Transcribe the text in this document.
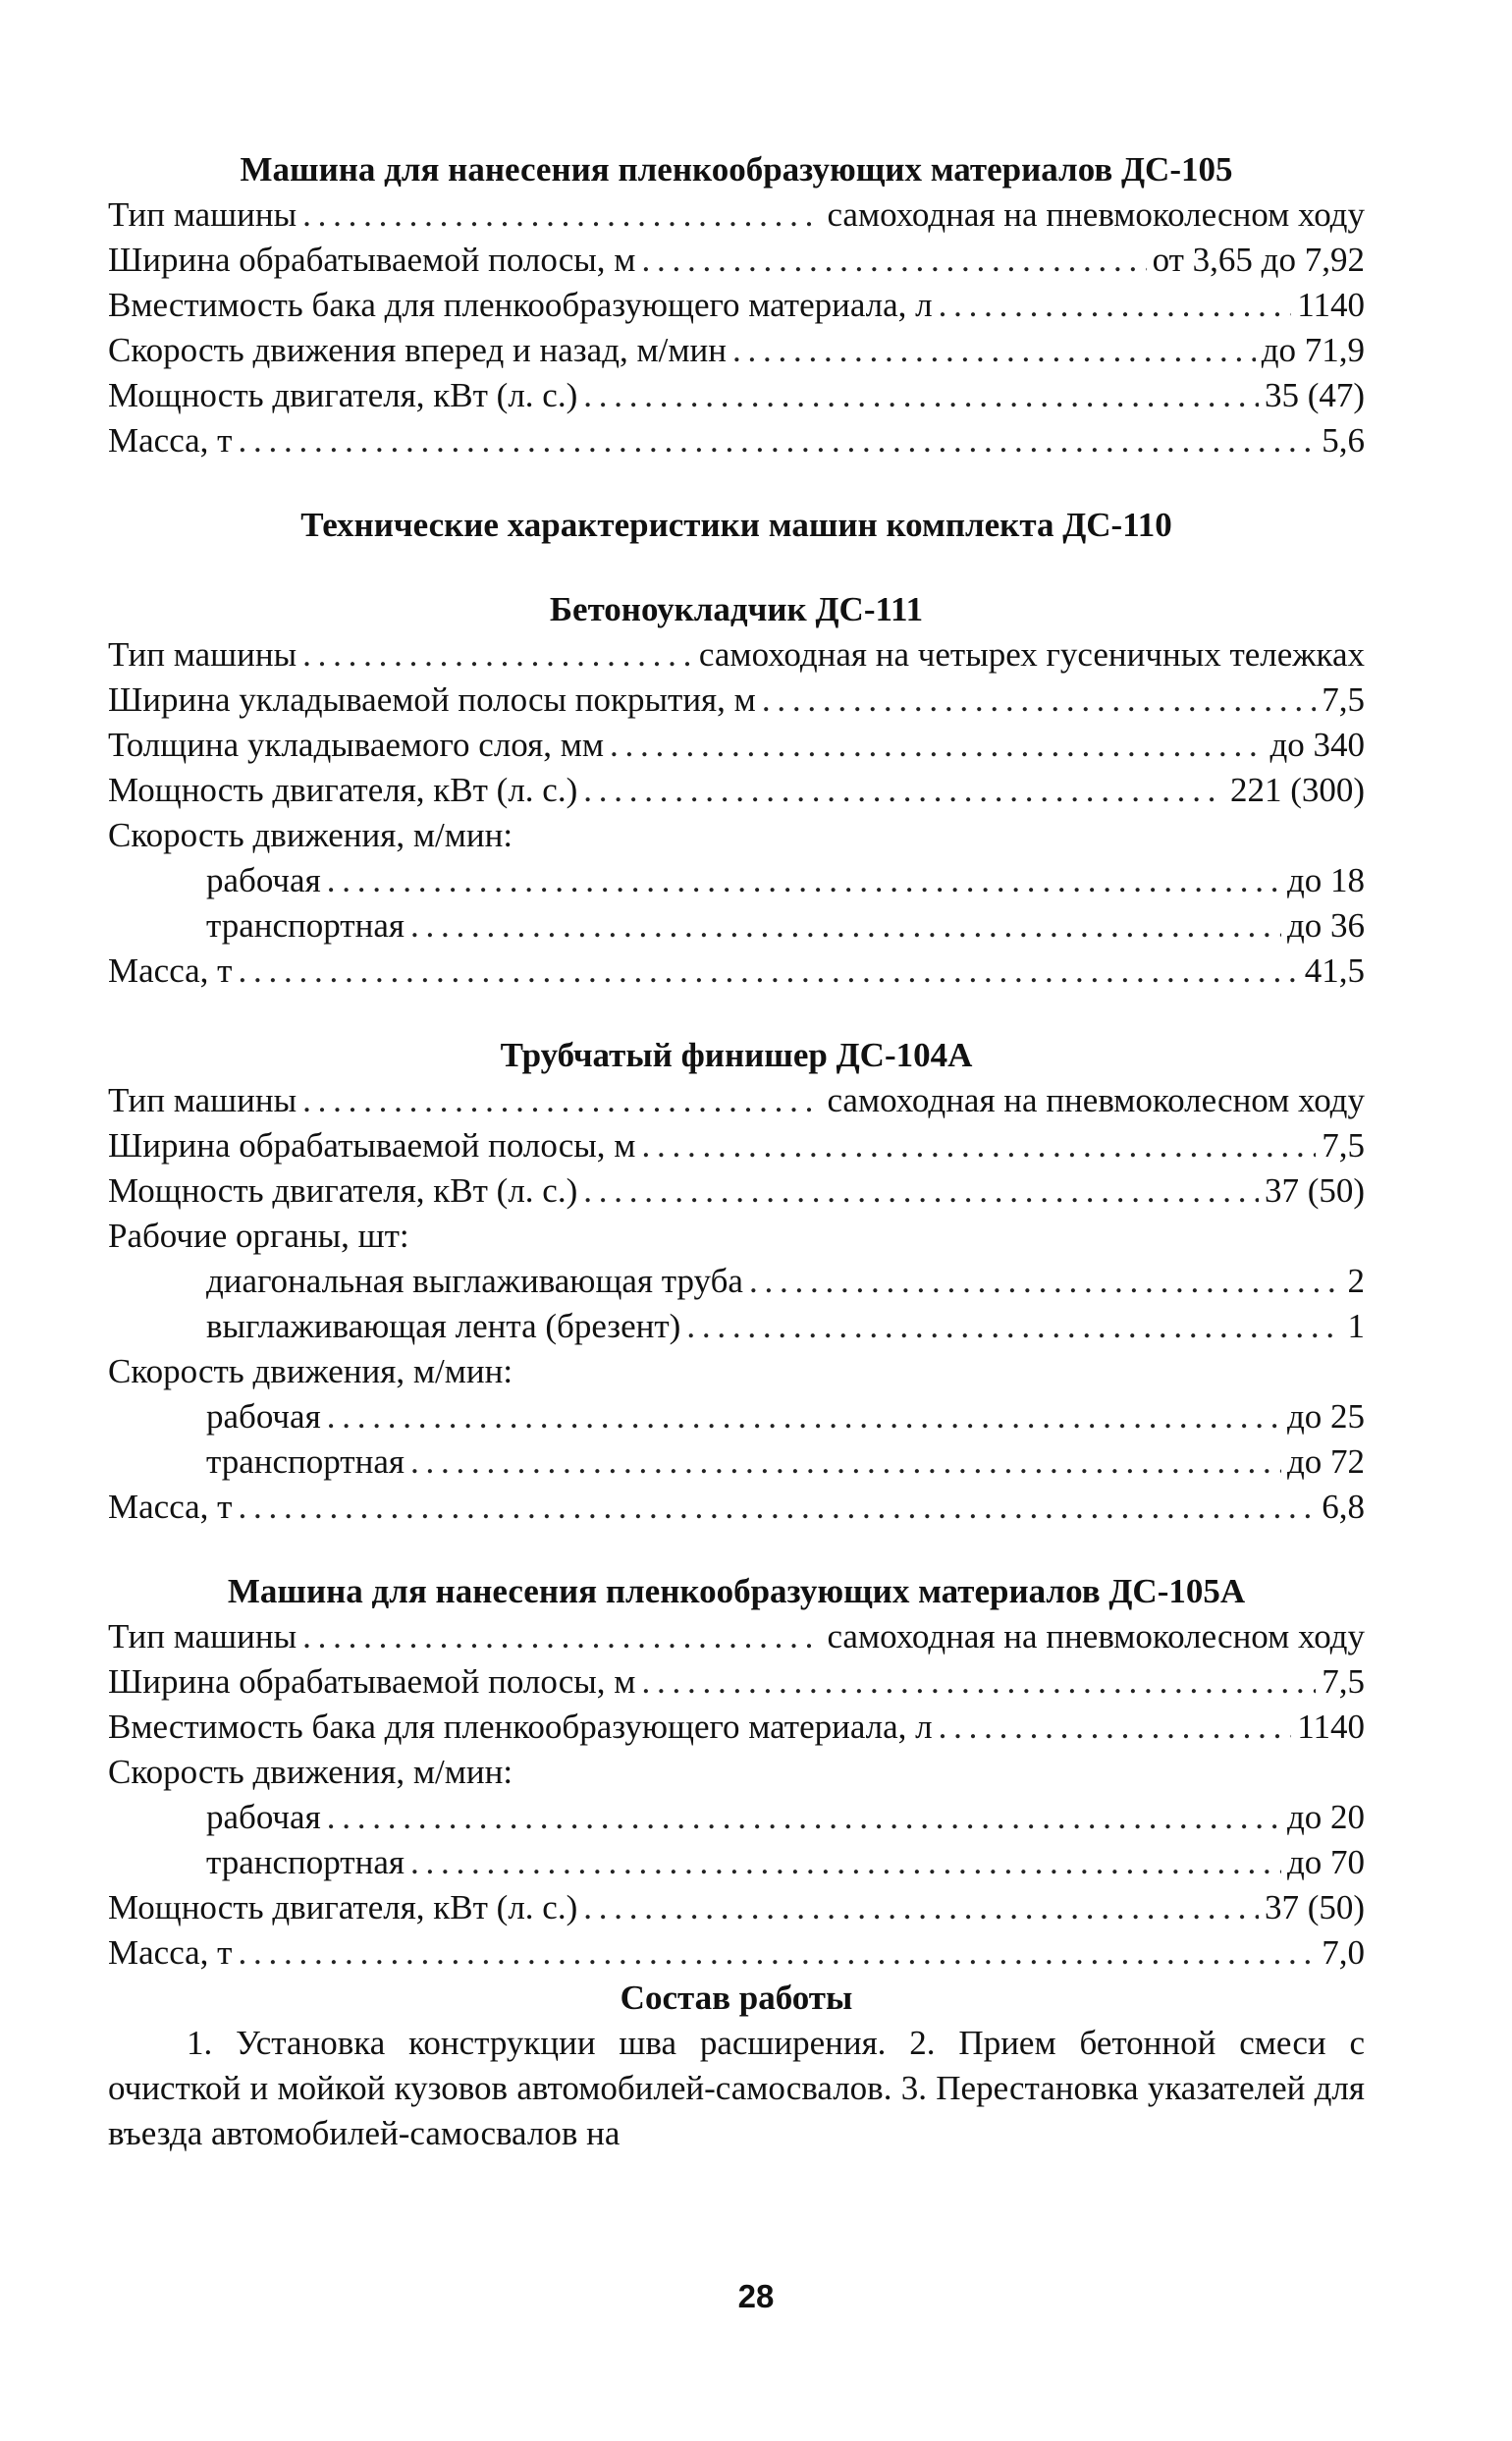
Машина для нанесения пленкообразующих материалов ДС-105
Тип машины . . .	самоходная на пневмоколесном ходу
Ширина обрабатываемой полосы, м . . .	от 3,65 до 7,92
Вместимость бака для пленкообразующего материала, л . . .	1140
Скорость движения вперед и назад, м/мин . . .	до 71,9
Мощность двигателя, кВт (л. с.) . . .	35 (47)
Масса, т . . .	5,6
Технические характеристики машин комплекта ДС-110
Бетоноукладчик ДС-111
Тип машины . . .	самоходная на четырех гусеничных тележках
Ширина укладываемой полосы покрытия, м . . .	7,5
Толщина укладываемого слоя, мм . . .	до 340
Мощность двигателя, кВт (л. с.) . . .	221 (300)
Скорость движения, м/мин:
рабочая . . .	до 18
транспортная . . .	до 36
Масса, т . . .	41,5
Трубчатый финишер ДС-104А
Тип машины . . .	самоходная на пневмоколесном ходу
Ширина обрабатываемой полосы, м . . .	7,5
Мощность двигателя, кВт (л. с.) . . .	37 (50)
Рабочие органы, шт:
диагональная выглаживающая труба . . .	2
выглаживающая лента (брезент) . . .	1
Скорость движения, м/мин:
рабочая . . .	до 25
транспортная . . .	до 72
Масса, т . . .	6,8
Машина для нанесения пленкообразующих материалов ДС-105А
Тип машины . . .	самоходная на пневмоколесном ходу
Ширина обрабатываемой полосы, м . . .	7,5
Вместимость бака для пленкообразующего материала, л . . .	1140
Скорость движения, м/мин:
рабочая . . .	до 20
транспортная . . .	до 70
Мощность двигателя, кВт (л. с.) . . .	37 (50)
Масса, т . . .	7,0
Состав работы
1. Установка конструкции шва расширения. 2. Прием бетонной смеси с очисткой и мойкой кузовов автомобилей-самосвалов. 3. Перестановка указателей для въезда автомобилей-самосвалов на
28
